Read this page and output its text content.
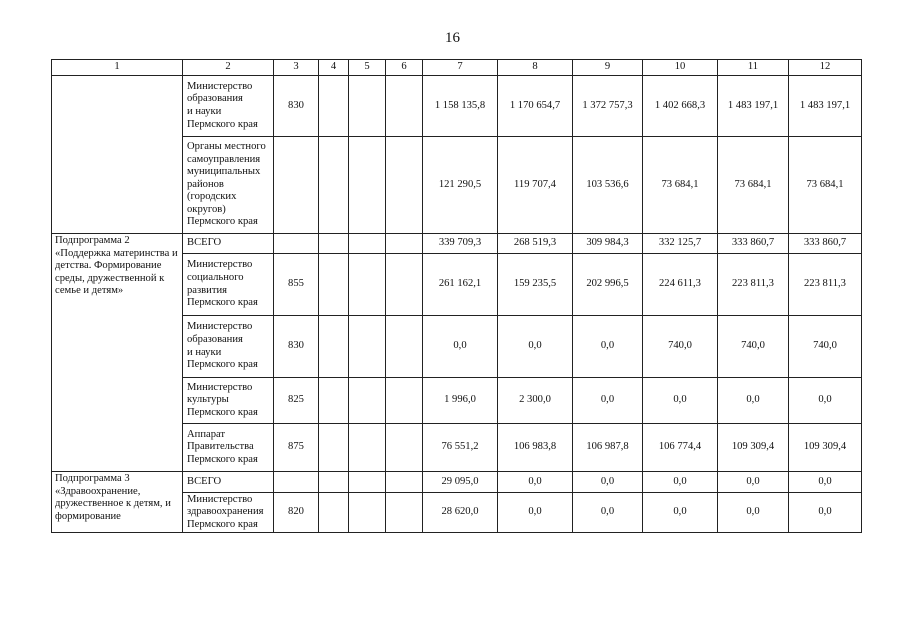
16
1	2	3	4	5	6	7	8	9	10	11	12
	Министерство образования
и науки
Пермского края	830				1 158 135,8	1 170 654,7	1 372 757,3	1 402 668,3	1 483 197,1	1 483 197,1
	Органы местного самоуправления муниципальных районов (городских округов)
Пермского края					121 290,5	119 707,4	103 536,6	73 684,1	73 684,1	73 684,1
Подпрограмма 2 «Поддержка материнства и детства. Формирование среды, дружественной к семье и детям»	ВСЕГО					339 709,3	268 519,3	309 984,3	332 125,7	333 860,7	333 860,7
	Министерство социального развития
Пермского края	855				261 162,1	159 235,5	202 996,5	224 611,3	223 811,3	223 811,3
	Министерство образования
и науки
Пермского края	830				0,0	0,0	0,0	740,0	740,0	740,0
	Министерство культуры
Пермского края	825				1 996,0	2 300,0	0,0	0,0	0,0	0,0
	Аппарат Правительства
Пермского края	875				76 551,2	106 983,8	106 987,8	106 774,4	109 309,4	109 309,4
Подпрограмма 3 «Здравоохранение, дружественное к детям, и формирование	ВСЕГО					29 095,0	0,0	0,0	0,0	0,0	0,0
	Министерство здравоохранения
Пермского края	820				28 620,0	0,0	0,0	0,0	0,0	0,0
